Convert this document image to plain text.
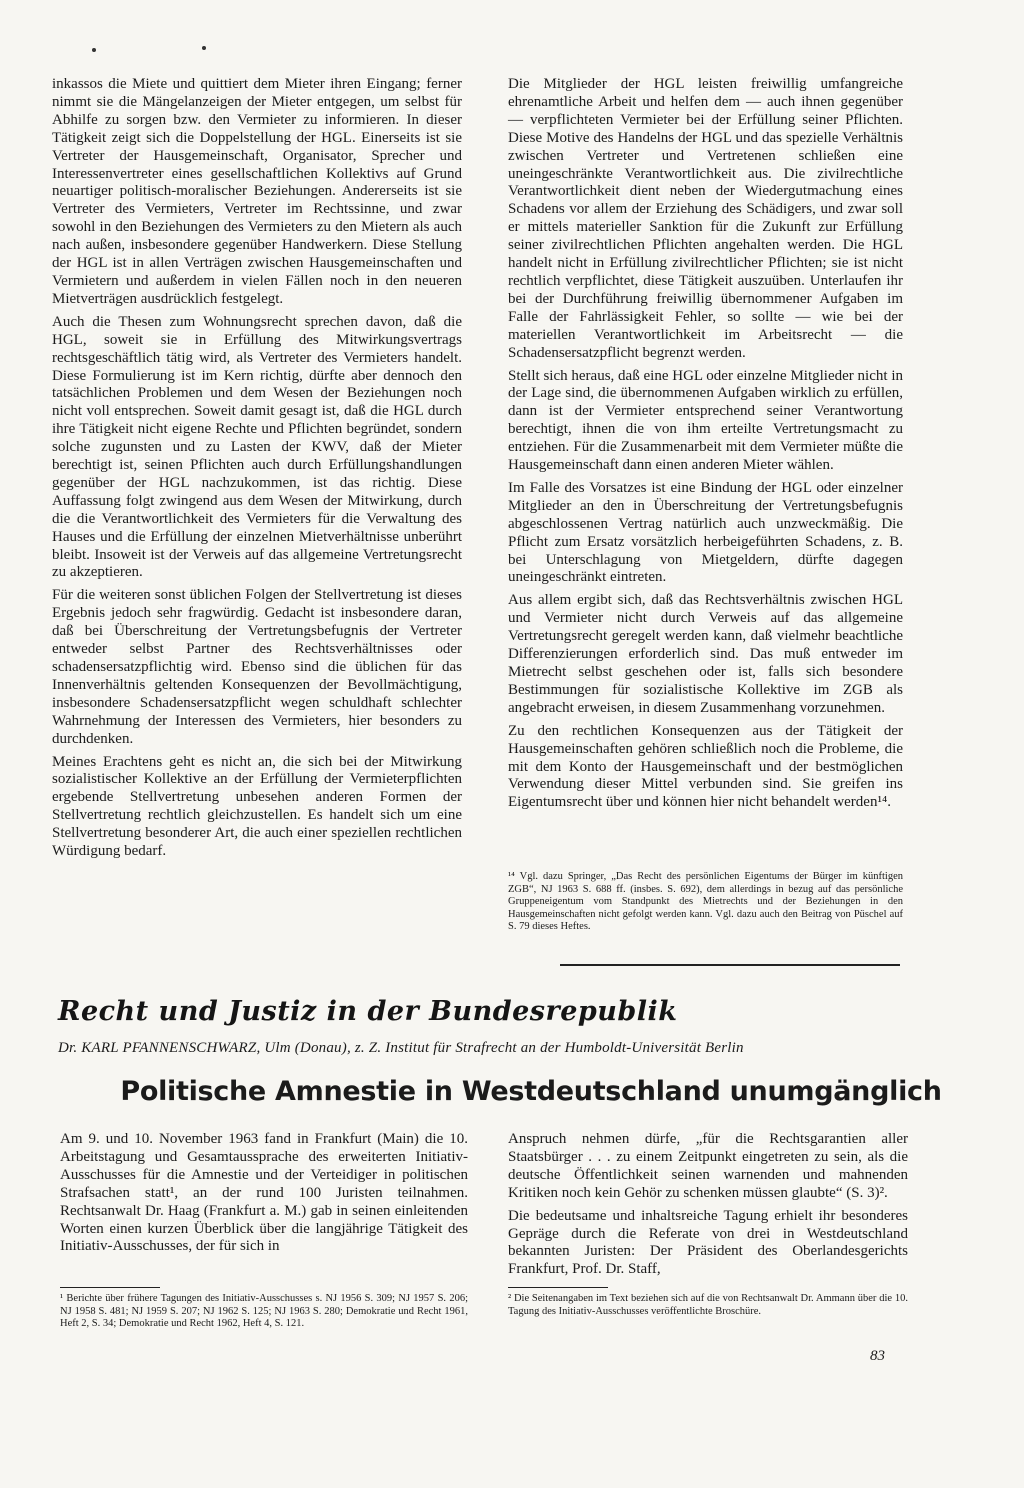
inkassos die Miete und quittiert dem Mieter ihren Eingang; ferner nimmt sie die Mängelanzeigen der Mieter entgegen, um selbst für Abhilfe zu sorgen bzw. den Vermieter zu informieren. In dieser Tätigkeit zeigt sich die Doppelstellung der HGL. Einerseits ist sie Vertreter der Hausgemeinschaft, Organisator, Sprecher und Interessenvertreter eines gesellschaftlichen Kollektivs auf Grund neuartiger politisch-moralischer Beziehungen. Andererseits ist sie Vertreter des Vermieters, Vertreter im Rechtssinne, und zwar sowohl in den Beziehungen des Vermieters zu den Mietern als auch nach außen, insbesondere gegenüber Handwerkern. Diese Stellung der HGL ist in allen Verträgen zwischen Hausgemeinschaften und Vermietern und außerdem in vielen Fällen noch in den neueren Mietverträgen ausdrücklich festgelegt.

Auch die Thesen zum Wohnungsrecht sprechen davon, daß die HGL, soweit sie in Erfüllung des Mitwirkungsvertrags rechtsgeschäftlich tätig wird, als Vertreter des Vermieters handelt. Diese Formulierung ist im Kern richtig, dürfte aber dennoch den tatsächlichen Problemen und dem Wesen der Beziehungen noch nicht voll entsprechen. Soweit damit gesagt ist, daß die HGL durch ihre Tätigkeit nicht eigene Rechte und Pflichten begründet, sondern solche zugunsten und zu Lasten der KWV, daß der Mieter berechtigt ist, seinen Pflichten auch durch Erfüllungshandlungen gegenüber der HGL nachzukommen, ist das richtig. Diese Auffassung folgt zwingend aus dem Wesen der Mitwirkung, durch die die Verantwortlichkeit des Vermieters für die Verwaltung des Hauses und die Erfüllung der einzelnen Mietverhältnisse unberührt bleibt. Insoweit ist der Verweis auf das allgemeine Vertretungsrecht zu akzeptieren.

Für die weiteren sonst üblichen Folgen der Stellvertretung ist dieses Ergebnis jedoch sehr fragwürdig. Gedacht ist insbesondere daran, daß bei Überschreitung der Vertretungsbefugnis der Vertreter entweder selbst Partner des Rechtsverhältnisses oder schadensersatzpflichtig wird. Ebenso sind die üblichen für das Innenverhältnis geltenden Konsequenzen der Bevollmächtigung, insbesondere Schadensersatzpflicht wegen schuldhaft schlechter Wahrnehmung der Interessen des Vermieters, hier besonders zu durchdenken.

Meines Erachtens geht es nicht an, die sich bei der Mitwirkung sozialistischer Kollektive an der Erfüllung der Vermieterpflichten ergebende Stellvertretung unbesehen anderen Formen der Stellvertretung rechtlich gleichzustellen. Es handelt sich um eine Stellvertretung besonderer Art, die auch einer speziellen rechtlichen Würdigung bedarf.

Die Mitglieder der HGL leisten freiwillig umfangreiche ehrenamtliche Arbeit und helfen dem — auch ihnen gegenüber — verpflichteten Vermieter bei der Erfüllung seiner Pflichten. Diese Motive des Handelns der HGL und das spezielle Verhältnis zwischen Vertreter und Vertretenen schließen eine uneingeschränkte Verantwortlichkeit aus. Die zivilrechtliche Verantwortlichkeit dient neben der Wiedergutmachung eines Schadens vor allem der Erziehung des Schädigers, und zwar soll er mittels materieller Sanktion für die Zukunft zur Erfüllung seiner zivilrechtlichen Pflichten angehalten werden. Die HGL handelt nicht in Erfüllung zivilrechtlicher Pflichten; sie ist nicht rechtlich verpflichtet, diese Tätigkeit auszuüben. Unterlaufen ihr bei der Durchführung freiwillig übernommener Aufgaben im Falle der Fahrlässigkeit Fehler, so sollte — wie bei der materiellen Verantwortlichkeit im Arbeitsrecht — die Schadensersatzpflicht begrenzt werden.

Stellt sich heraus, daß eine HGL oder einzelne Mitglieder nicht in der Lage sind, die übernommenen Aufgaben wirklich zu erfüllen, dann ist der Vermieter entsprechend seiner Verantwortung berechtigt, ihnen die von ihm erteilte Vertretungsmacht zu entziehen. Für die Zusammenarbeit mit dem Vermieter müßte die Hausgemeinschaft dann einen anderen Mieter wählen.

Im Falle des Vorsatzes ist eine Bindung der HGL oder einzelner Mitglieder an den in Überschreitung der Vertretungsbefugnis abgeschlossenen Vertrag natürlich auch unzweckmäßig. Die Pflicht zum Ersatz vorsätzlich herbeigeführten Schadens, z. B. bei Unterschlagung von Mietgeldern, dürfte dagegen uneingeschränkt eintreten.

Aus allem ergibt sich, daß das Rechtsverhältnis zwischen HGL und Vermieter nicht durch Verweis auf das allgemeine Vertretungsrecht geregelt werden kann, daß vielmehr beachtliche Differenzierungen erforderlich sind. Das muß entweder im Mietrecht selbst geschehen oder ist, falls sich besondere Bestimmungen für sozialistische Kollektive im ZGB als angebracht erweisen, in diesem Zusammenhang vorzunehmen.

Zu den rechtlichen Konsequenzen aus der Tätigkeit der Hausgemeinschaften gehören schließlich noch die Probleme, die mit dem Konto der Hausgemeinschaft und der bestmöglichen Verwendung dieser Mittel verbunden sind. Sie greifen ins Eigentumsrecht über und können hier nicht behandelt werden¹⁴.

¹⁴ Vgl. dazu Springer, „Das Recht des persönlichen Eigentums der Bürger im künftigen ZGB“, NJ 1963 S. 688 ff. (insbes. S. 692), dem allerdings in bezug auf das persönliche Gruppeneigentum vom Standpunkt des Mietrechts und der Beziehungen in den Hausgemeinschaften nicht gefolgt werden kann. Vgl. dazu auch den Beitrag von Püschel auf S. 79 dieses Heftes.

Recht und Justiz in der Bundesrepublik
Dr. KARL PFANNENSCHWARZ, Ulm (Donau), z. Z. Institut für Strafrecht an der Humboldt-Universität Berlin
Politische Amnestie in Westdeutschland unumgänglich

Am 9. und 10. November 1963 fand in Frankfurt (Main) die 10. Arbeitstagung und Gesamtaussprache des erweiterten Initiativ-Ausschusses für die Amnestie und der Verteidiger in politischen Strafsachen statt¹, an der rund 100 Juristen teilnahmen. Rechtsanwalt Dr. Haag (Frankfurt a. M.) gab in seinen einleitenden Worten einen kurzen Überblick über die langjährige Tätigkeit des Initiativ-Ausschusses, der für sich in

Anspruch nehmen dürfe, „für die Rechtsgarantien aller Staatsbürger . . . zu einem Zeitpunkt eingetreten zu sein, als die deutsche Öffentlichkeit seinen warnenden und mahnenden Kritiken noch kein Gehör zu schenken müssen glaubte“ (S. 3)².

Die bedeutsame und inhaltsreiche Tagung erhielt ihr besonderes Gepräge durch die Referate von drei in Westdeutschland bekannten Juristen: Der Präsident des Oberlandesgerichts Frankfurt, Prof. Dr. Staff,

¹ Berichte über frühere Tagungen des Initiativ-Ausschusses s. NJ 1956 S. 309; NJ 1957 S. 206; NJ 1958 S. 481; NJ 1959 S. 207; NJ 1962 S. 125; NJ 1963 S. 280; Demokratie und Recht 1961, Heft 2, S. 34; Demokratie und Recht 1962, Heft 4, S. 121.

² Die Seitenangaben im Text beziehen sich auf die von Rechtsanwalt Dr. Ammann über die 10. Tagung des Initiativ-Ausschusses veröffentlichte Broschüre.

83
